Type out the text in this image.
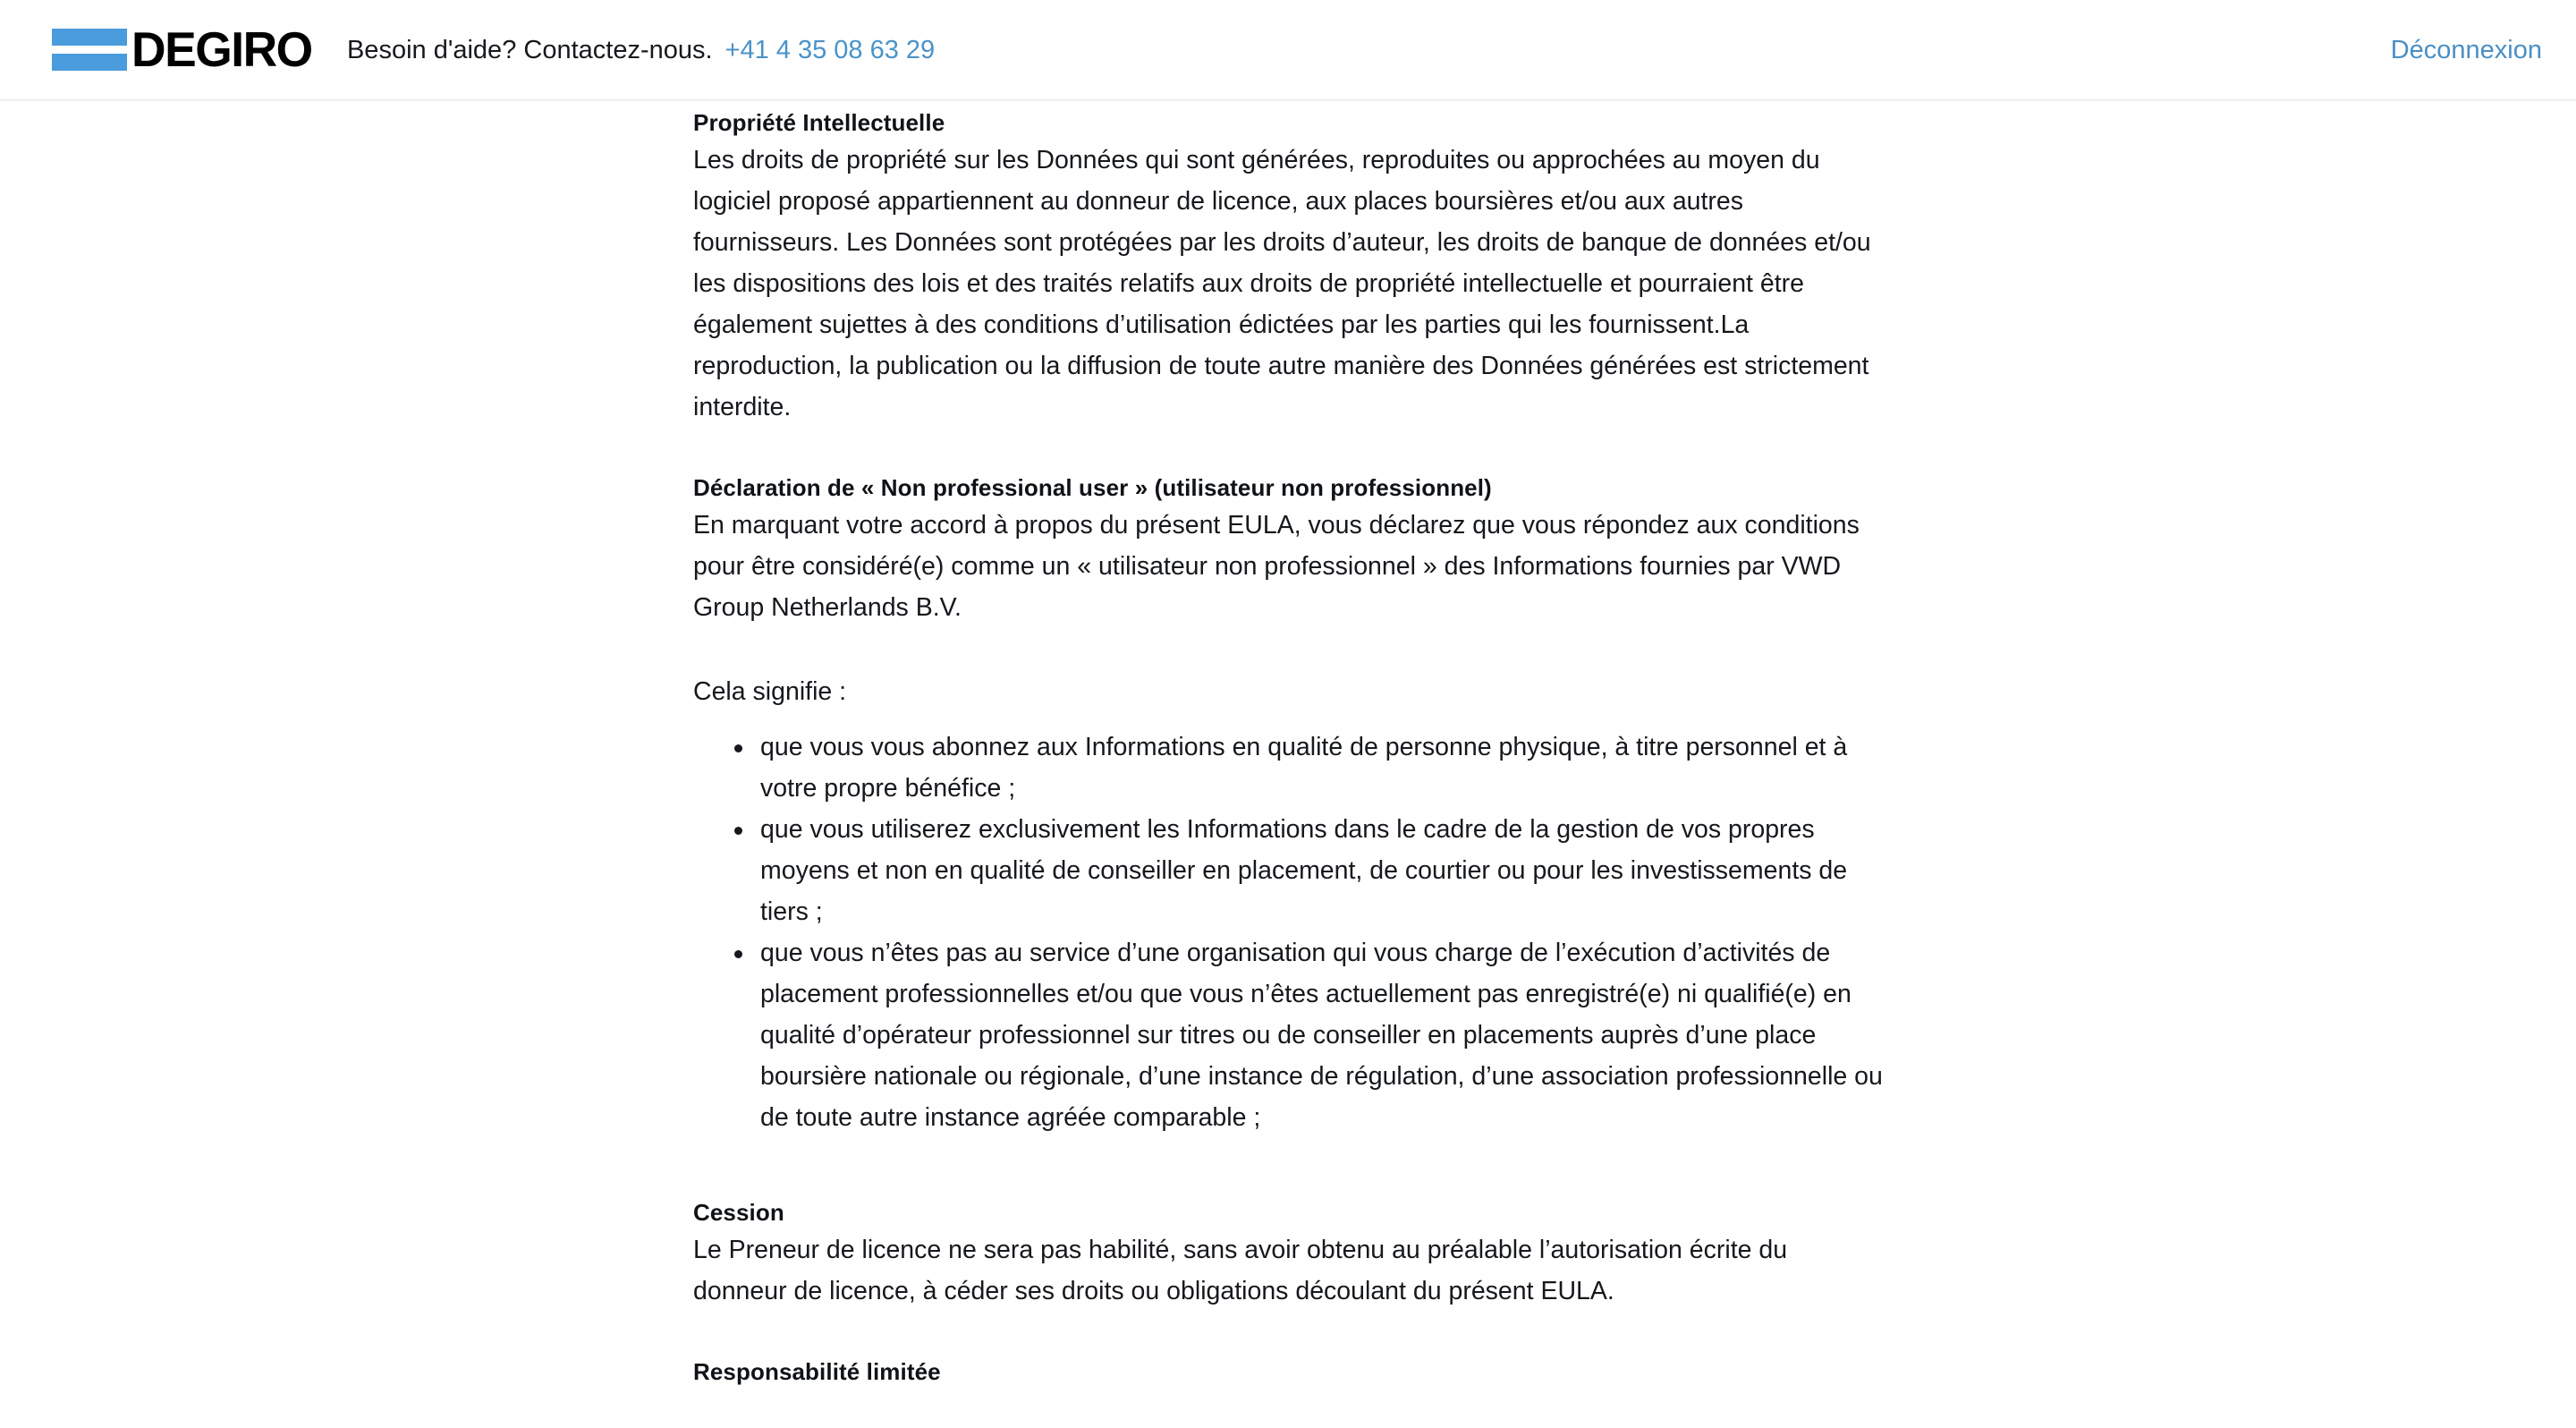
DEGIRO Besoin d'aide? Contactez-nous. +41 4 35 08 63 29	Déconnexion
Propriété Intellectuelle

Les droits de propriété sur les Données qui sont générées, reproduites ou approchées au moyen du logiciel proposé appartiennent au donneur de licence, aux places boursières et/ou aux autres fournisseurs. Les Données sont protégées par les droits d’auteur, les droits de banque de données et/ou les dispositions des lois et des traités relatifs aux droits de propriété intellectuelle et pourraient être également sujettes à des conditions d’utilisation édictées par les parties qui les fournissent.La reproduction, la publication ou la diffusion de toute autre manière des Données générées est strictement interdite.

Déclaration de « Non professional user » (utilisateur non professionnel)

En marquant votre accord à propos du présent EULA, vous déclarez que vous répondez aux conditions pour être considéré(e) comme un « utilisateur non professionnel » des Informations fournies par VWD Group Netherlands B.V.

Cela signifie :

que vous vous abonnez aux Informations en qualité de personne physique, à titre personnel et à votre propre bénéfice ;
que vous utiliserez exclusivement les Informations dans le cadre de la gestion de vos propres moyens et non en qualité de conseiller en placement, de courtier ou pour les investissements de tiers ;
que vous n’êtes pas au service d’une organisation qui vous charge de l’exécution d’activités de placement professionnelles et/ou que vous n’êtes actuellement pas enregistré(e) ni qualifié(e) en qualité d’opérateur professionnel sur titres ou de conseiller en placements auprès d’une place boursière nationale ou régionale, d’une instance de régulation, d’une association professionnelle ou de toute autre instance agréée comparable ;
Cession

Le Preneur de licence ne sera pas habilité, sans avoir obtenu au préalable l’autorisation écrite du donneur de licence, à céder ses droits ou obligations découlant du présent EULA.

Responsabilité limitée
